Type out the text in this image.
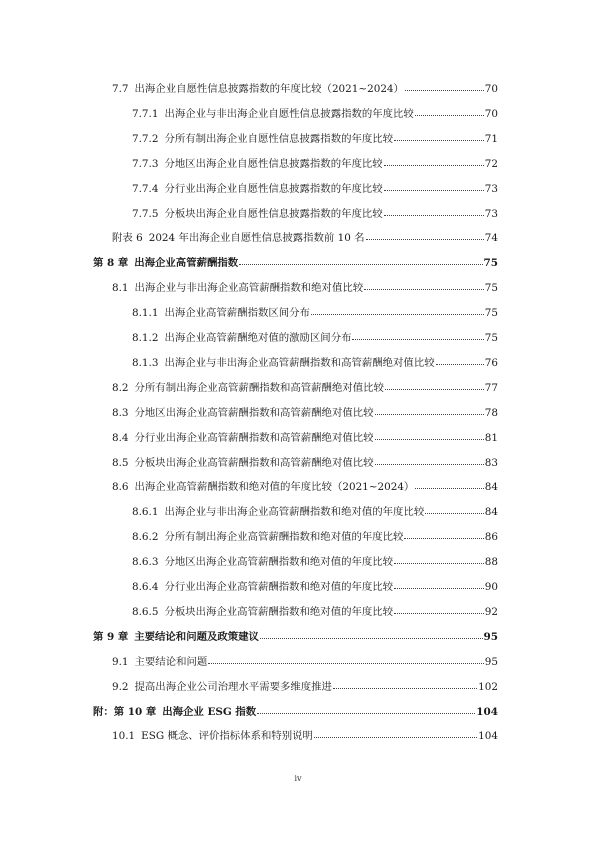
7.7 出海企业自愿性信息披露指数的年度比较（2021~2024）	70
7.7.1 出海企业与非出海企业自愿性信息披露指数的年度比较	70
7.7.2 分所有制出海企业自愿性信息披露指数的年度比较	71
7.7.3 分地区出海企业自愿性信息披露指数的年度比较	72
7.7.4 分行业出海企业自愿性信息披露指数的年度比较	73
7.7.5 分板块出海企业自愿性信息披露指数的年度比较	73
附表 6 2024 年出海企业自愿性信息披露指数前 10 名	74
第 8 章 出海企业高管薪酬指数	75
8.1 出海企业与非出海企业高管薪酬指数和绝对值比较	75
8.1.1 出海企业高管薪酬指数区间分布	75
8.1.2 出海企业高管薪酬绝对值的激励区间分布	75
8.1.3 出海企业与非出海企业高管薪酬指数和高管薪酬绝对值比较	76
8.2 分所有制出海企业高管薪酬指数和高管薪酬绝对值比较	77
8.3 分地区出海企业高管薪酬指数和高管薪酬绝对值比较	78
8.4 分行业出海企业高管薪酬指数和高管薪酬绝对值比较	81
8.5 分板块出海企业高管薪酬指数和高管薪酬绝对值比较	83
8.6 出海企业高管薪酬指数和绝对值的年度比较（2021~2024）	84
8.6.1 出海企业与非出海企业高管薪酬指数和绝对值的年度比较	84
8.6.2 分所有制出海企业高管薪酬指数和绝对值的年度比较	86
8.6.3 分地区出海企业高管薪酬指数和绝对值的年度比较	88
8.6.4 分行业出海企业高管薪酬指数和绝对值的年度比较	90
8.6.5 分板块出海企业高管薪酬指数和绝对值的年度比较	92
第 9 章 主要结论和问题及政策建议	95
9.1 主要结论和问题	95
9.2 提高出海企业公司治理水平需要多维度推进	102
附：第 10 章 出海企业 ESG 指数	104
10.1 ESG 概念、评价指标体系和特别说明	104
iv
